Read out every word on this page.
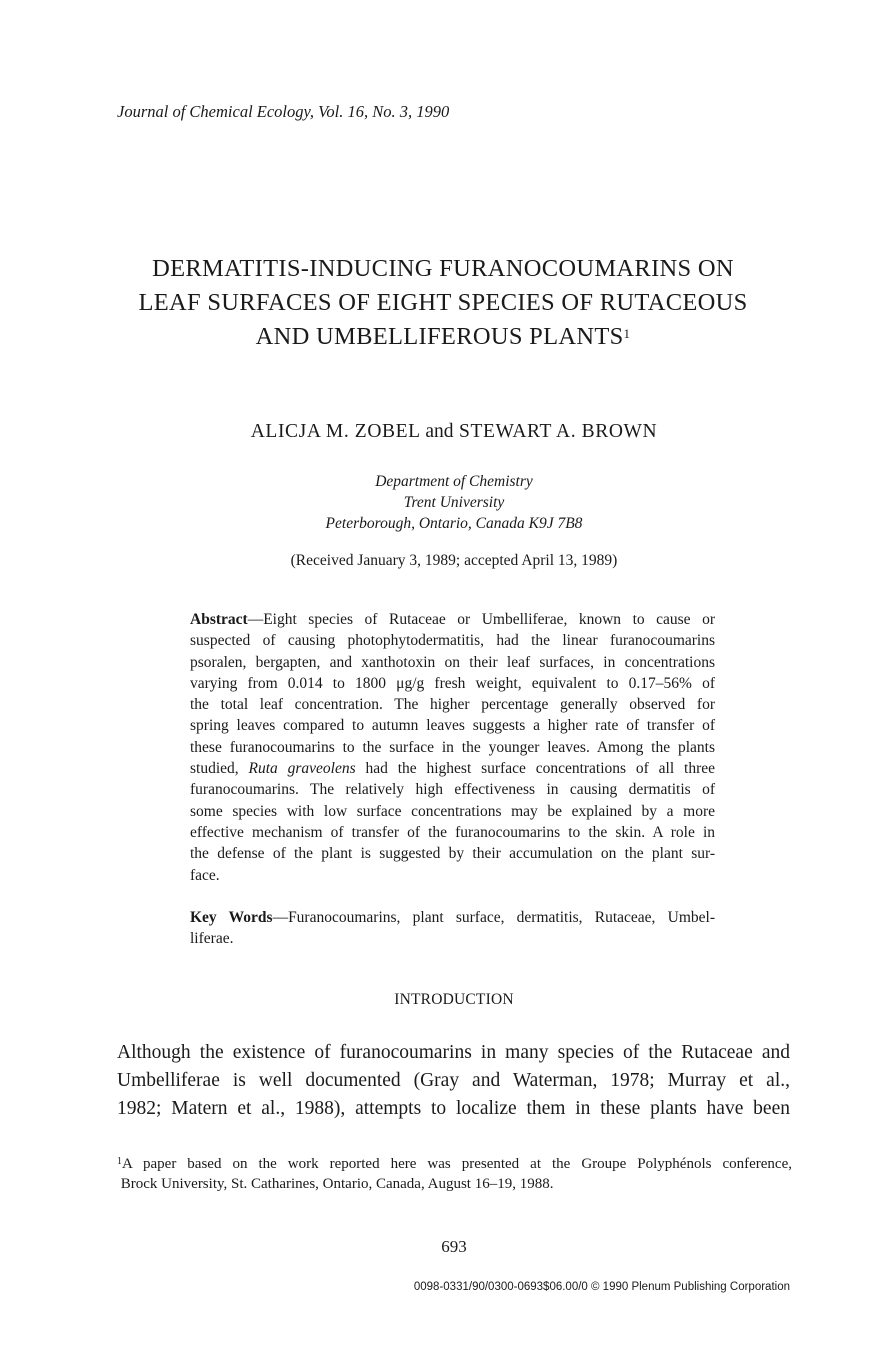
Journal of Chemical Ecology, Vol. 16, No. 3, 1990
DERMATITIS-INDUCING FURANOCOUMARINS ON
LEAF SURFACES OF EIGHT SPECIES OF RUTACEOUS
AND UMBELLIFEROUS PLANTS$^1$
ALICJA M. ZOBEL and STEWART A. BROWN
Department of Chemistry
Trent University
Peterborough, Ontario, Canada K9J 7B8
(Received January 3, 1989; accepted April 13, 1989)
Abstract—Eight species of Rutaceae or Umbelliferae, known to cause or
suspected of causing photophytodermatitis, had the linear furanocoumarins
psoralen, bergapten, and xanthotoxin on their leaf surfaces, in concentrations
varying from 0.014 to 1800 μg/g fresh weight, equivalent to 0.17–56% of
the total leaf concentration. The higher percentage generally observed for
spring leaves compared to autumn leaves suggests a higher rate of transfer of
these furanocoumarins to the surface in the younger leaves. Among the plants
studied, Ruta graveolens had the highest surface concentrations of all three
furanocoumarins. The relatively high effectiveness in causing dermatitis of
some species with low surface concentrations may be explained by a more
effective mechanism of transfer of the furanocoumarins to the skin. A role in
the defense of the plant is suggested by their accumulation on the plant sur-
face.
Key Words—Furanocoumarins, plant surface, dermatitis, Rutaceae, Umbel-
liferae.
INTRODUCTION
Although the existence of furanocoumarins in many species of the Rutaceae and
Umbelliferae is well documented (Gray and Waterman, 1978; Murray et al.,
1982; Matern et al., 1988), attempts to localize them in these plants have been
$^1$A paper based on the work reported here was presented at the Groupe Polyphénols conference,
Brock University, St. Catharines, Ontario, Canada, August 16–19, 1988.
693
0098-0331/90/0300-0693$06.00/0 © 1990 Plenum Publishing Corporation
